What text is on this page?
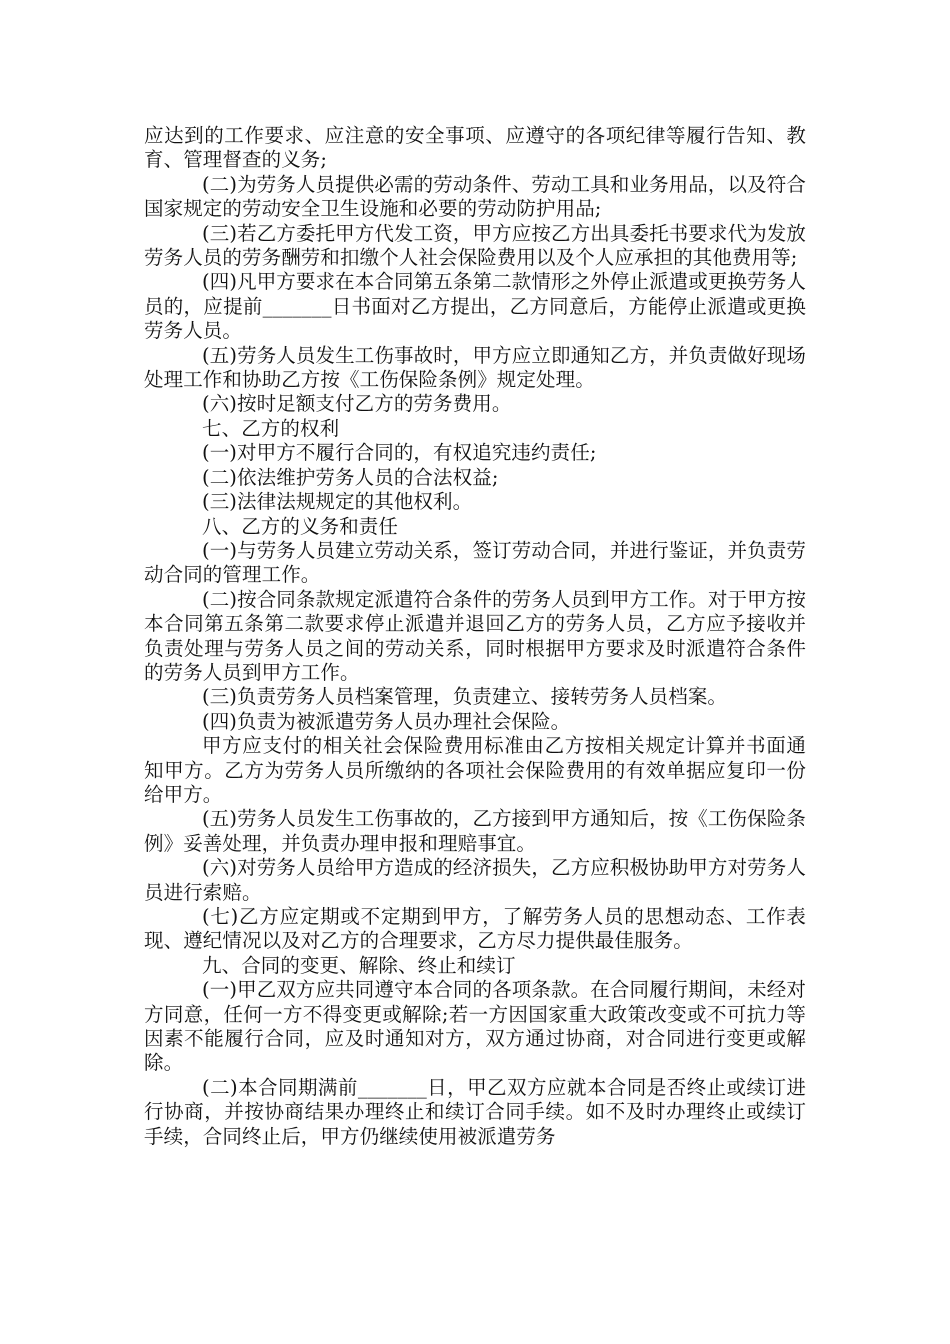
应达到的工作要求、应注意的安全事项、应遵守的各项纪律等履行告知、教育、管理督查的义务;

(二)为劳务人员提供必需的劳动条件、劳动工具和业务用品，以及符合国家规定的劳动安全卫生设施和必要的劳动防护用品;

(三)若乙方委托甲方代发工资，甲方应按乙方出具委托书要求代为发放劳务人员的劳务酬劳和扣缴个人社会保险费用以及个人应承担的其他费用等;

(四)凡甲方要求在本合同第五条第二款情形之外停止派遣或更换劳务人员的，应提前_______日书面对乙方提出，乙方同意后，方能停止派遣或更换劳务人员。

(五)劳务人员发生工伤事故时，甲方应立即通知乙方，并负责做好现场处理工作和协助乙方按《工伤保险条例》规定处理。

(六)按时足额支付乙方的劳务费用。

七、乙方的权利

(一)对甲方不履行合同的，有权追究违约责任;

(二)依法维护劳务人员的合法权益;

(三)法律法规规定的其他权利。

八、乙方的义务和责任

(一)与劳务人员建立劳动关系，签订劳动合同，并进行鉴证，并负责劳动合同的管理工作。

(二)按合同条款规定派遣符合条件的劳务人员到甲方工作。对于甲方按本合同第五条第二款要求停止派遣并退回乙方的劳务人员，乙方应予接收并负责处理与劳务人员之间的劳动关系，同时根据甲方要求及时派遣符合条件的劳务人员到甲方工作。

(三)负责劳务人员档案管理，负责建立、接转劳务人员档案。

(四)负责为被派遣劳务人员办理社会保险。

甲方应支付的相关社会保险费用标准由乙方按相关规定计算并书面通知甲方。乙方为劳务人员所缴纳的各项社会保险费用的有效单据应复印一份给甲方。

(五)劳务人员发生工伤事故的，乙方接到甲方通知后，按《工伤保险条例》妥善处理，并负责办理申报和理赔事宜。

(六)对劳务人员给甲方造成的经济损失，乙方应积极协助甲方对劳务人员进行索赔。

(七)乙方应定期或不定期到甲方，了解劳务人员的思想动态、工作表现、遵纪情况以及对乙方的合理要求，乙方尽力提供最佳服务。

九、合同的变更、解除、终止和续订

(一)甲乙双方应共同遵守本合同的各项条款。在合同履行期间，未经对方同意，任何一方不得变更或解除;若一方因国家重大政策改变或不可抗力等因素不能履行合同，应及时通知对方，双方通过协商，对合同进行变更或解除。

(二)本合同期满前_______日，甲乙双方应就本合同是否终止或续订进行协商，并按协商结果办理终止和续订合同手续。如不及时办理终止或续订手续，合同终止后，甲方仍继续使用被派遣劳务
